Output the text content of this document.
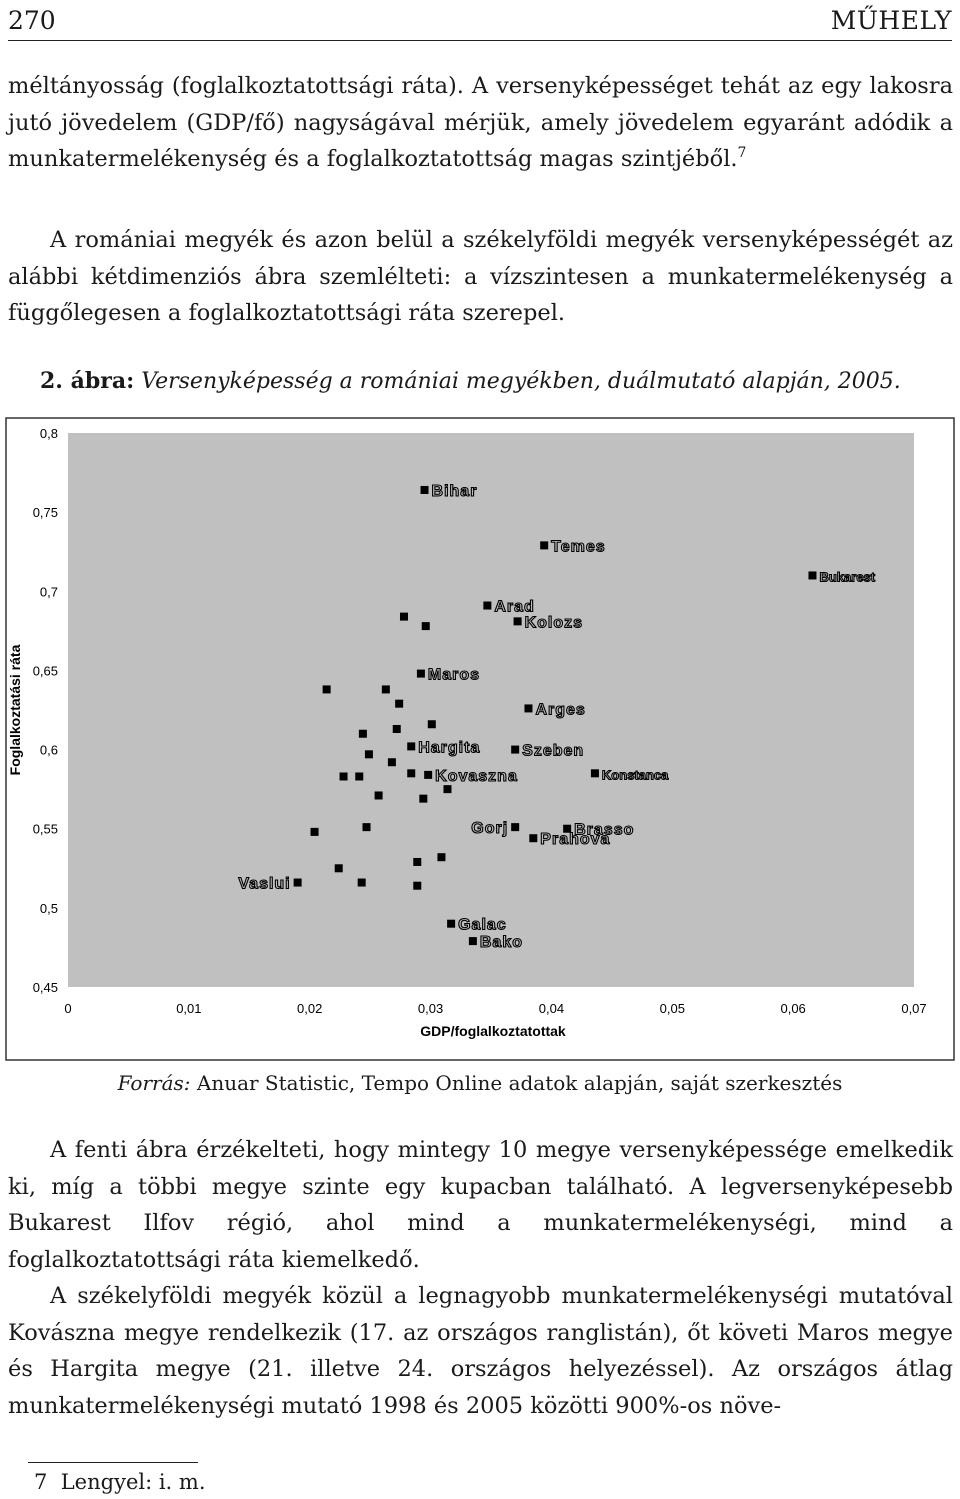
270	MŰHELY

méltányosság (foglalkoztatottsági ráta). A versenyképességet tehát az egy lakosra jutó jövedelem (GDP/fő) nagyságával mérjük, amely jövedelem egyaránt adódik a munkatermelékenység és a foglalkoztatottság magas szintjéből.$^7$

A romániai megyék és azon belül a székelyföldi megyék versenyképességét az alábbi kétdimenziós ábra szemlélteti: a vízszintesen a munkatermelékenység a függőlegesen a foglalkoztatottsági ráta szerepel.

2. ábra: Versenyképesség a romániai megyékben, duálmutató alapján, 2005.
0,45
0,5
0,55
0,6
0,65
0,7
0,75
0,8
0	0,01	0,02	0,03	0,04	0,05	0,06	0,07
Bihar
Temes
Bukarest
Arad
Kolozs
Maros
Arges
Hargita	Szeben
Kovaszna	Konstanca
Gorj	Brasso
Prahova
Vaslui
Galac
Bako
GDP/foglalkoztatottak
Foglalkoztatási ráta
Forrás: Anuar Statistic, Tempo Online adatok alapján, saját szerkesztés

A fenti ábra érzékelteti, hogy mintegy 10 megye versenyképessége emelkedik ki, míg a többi megye szinte egy kupacban található. A legversenyképesebb Bukarest Ilfov régió, ahol mind a munkatermelékenységi, mind a foglalkoztatottsági ráta kiemelkedő.

A székelyföldi megyék közül a legnagyobb munkatermelékenységi mutatóval Kovászna megye rendelkezik (17. az országos ranglistán), őt követi Maros megye és Hargita megye (21. illetve 24. országos helyezéssel). Az országos átlag munkatermelékenységi mutató 1998 és 2005 közötti 900%-os növe-

7 Lengyel: i. m.
